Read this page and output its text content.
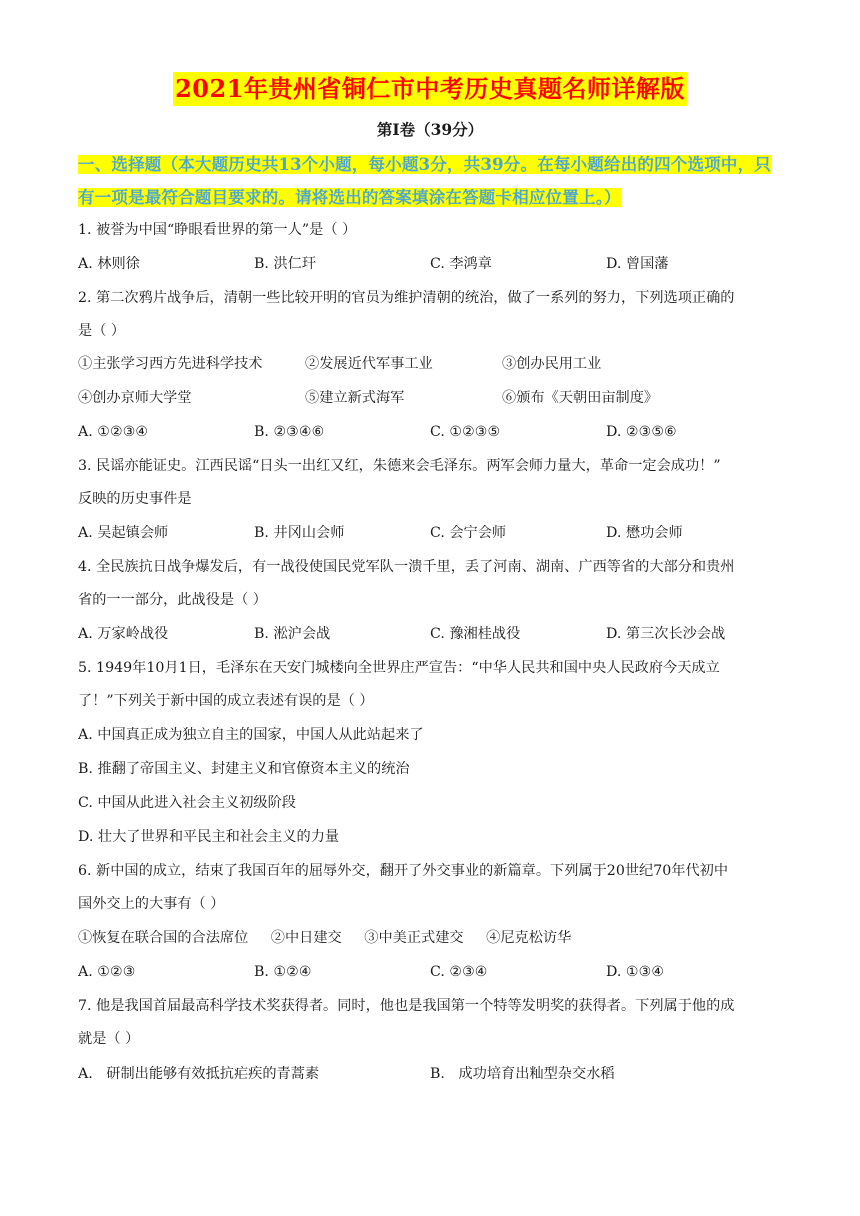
2021年贵州省铜仁市中考历史真题名师详解版
第Ⅰ卷（39分）
一、选择题（本大题历史共13个小题，每小题3分，共39分。在每小题给出的四个选项中，只有一项是最符合题目要求的。请将选出的答案填涂在答题卡相应位置上。）
1. 被誉为中国“睁眼看世界的第一人”是（ ）
A. 林则徐	B. 洪仁玕	C. 李鸿章	D. 曾国藩
2. 第二次鸦片战争后，清朝一些比较开明的官员为维护清朝的统治，做了一系列的努力，下列选项正确的
是（ ）
①主张学习西方先进科学技术	②发展近代军事工业	③创办民用工业
④创办京师大学堂	⑤建立新式海军	⑥颁布《天朝田亩制度》
A. ①②③④	B. ②③④⑥	C. ①②③⑤	D. ②③⑤⑥
3. 民谣亦能证史。江西民谣“日头一出红又红，朱德来会毛泽东。两军会师力量大，革命一定会成功！”
反映的历史事件是
A. 吴起镇会师	B. 井冈山会师	C. 会宁会师	D. 懋功会师
4. 全民族抗日战争爆发后，有一战役使国民党军队一溃千里，丢了河南、湖南、广西等省的大部分和贵州
省的一一部分，此战役是（ ）
A. 万家岭战役	B. 淞沪会战	C. 豫湘桂战役	D. 第三次长沙会战
5. 1949年10月1日，毛泽东在天安门城楼向全世界庄严宣告：“中华人民共和国中央人民政府今天成立
了！”下列关于新中国的成立表述有误的是（ ）
A. 中国真正成为独立自主的国家，中国人从此站起来了
B. 推翻了帝国主义、封建主义和官僚资本主义的统治
C. 中国从此进入社会主义初级阶段
D. 壮大了世界和平民主和社会主义的力量
6. 新中国的成立，结束了我国百年的屈辱外交，翻开了外交事业的新篇章。下列属于20世纪70年代初中
国外交上的大事有（ ）
①恢复在联合国的合法席位     ②中日建交     ③中美正式建交     ④尼克松访华
A. ①②③	B. ①②④	C. ②③④	D. ①③④
7. 他是我国首届最高科学技术奖获得者。同时，他也是我国第一个特等发明奖的获得者。下列属于他的成
就是（ ）
A.   研制出能够有效抵抗疟疾的青蒿素	B.   成功培育出籼型杂交水稻
